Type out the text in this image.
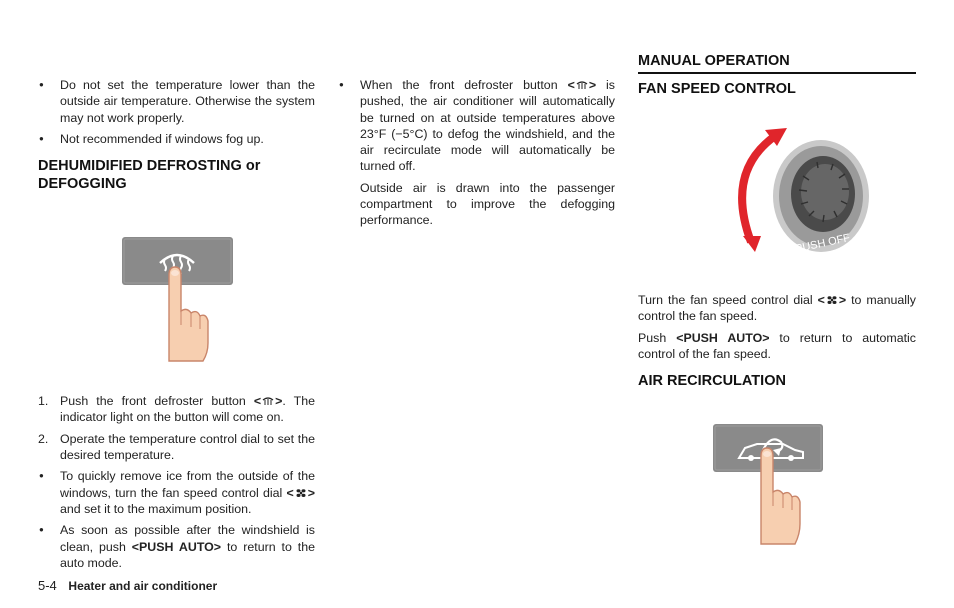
● Do not set the temperature lower than the outside air temperature. Otherwise the system may not work properly.
● Not recommended if windows fog up.
DEHUMIDIFIED DEFROSTING or DEFOGGING
1. Push the front defroster button < >. The indicator light on the button will come on.
2. Operate the temperature control dial to set the desired temperature.
● To quickly remove ice from the outside of the windows, turn the fan speed control dial < > and set it to the maximum position.
● As soon as possible after the windshield is clean, push <PUSH AUTO> to return to the auto mode.
● When the front defroster button < > is pushed, the air conditioner will automatically be turned on at outside temperatures above 23°F (−5°C) to defog the windshield, and the air recirculate mode will automatically be turned off.

Outside air is drawn into the passenger compartment to improve the defogging performance.

MANUAL OPERATION
FAN SPEED CONTROL
PUSH OFF

Turn the fan speed control dial < > to manually control the fan speed.

Push <PUSH AUTO> to return to automatic control of the fan speed.

AIR RECIRCULATION
5-4 Heater and air conditioner
